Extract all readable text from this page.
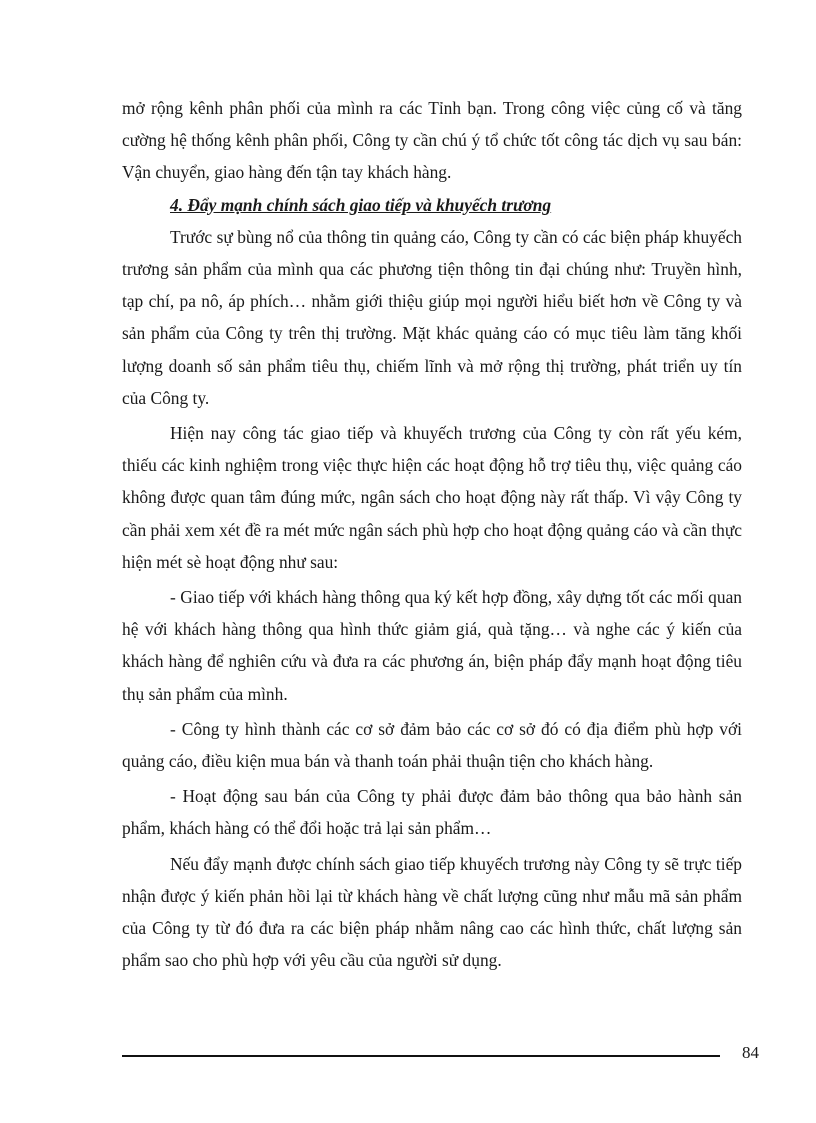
mở rộng kênh phân phối của mình ra các Tỉnh bạn. Trong công việc củng cố và tăng cường hệ thống kênh phân phối, Công ty cần chú ý tổ chức tốt công tác dịch vụ sau bán: Vận chuyển, giao hàng đến tận tay khách hàng.

4. Đẩy mạnh chính sách giao tiếp và khuyếch trương

Trước sự bùng nổ của thông tin quảng cáo, Công ty cần có các biện pháp khuyếch trương sản phẩm của mình qua các phương tiện thông tin đại chúng như: Truyền hình, tạp chí, pa nô, áp phích… nhằm giới thiệu giúp mọi người hiểu biết hơn về Công ty và sản phẩm của Công ty trên thị trường. Mặt khác quảng cáo có mục tiêu làm tăng khối lượng doanh số sản phẩm tiêu thụ, chiếm lĩnh và mở rộng thị trường, phát triển uy tín của Công ty.

Hiện nay công tác giao tiếp và khuyếch trương của Công ty còn rất yếu kém, thiếu các kinh nghiệm trong việc thực hiện các hoạt động hỗ trợ tiêu thụ, việc quảng cáo không được quan tâm đúng mức, ngân sách cho hoạt động này rất thấp. Vì vậy Công ty cần phải xem xét đề ra mét mức ngân sách phù hợp cho hoạt động quảng cáo và cần thực hiện mét sè hoạt động như sau:

- Giao tiếp với khách hàng thông qua ký kết hợp đồng, xây dựng tốt các mối quan hệ với khách hàng thông qua hình thức giảm giá, quà tặng… và nghe các ý kiến của khách hàng để nghiên cứu và đưa ra các phương án, biện pháp đẩy mạnh hoạt động tiêu thụ sản phẩm của mình.

- Công ty hình thành các cơ sở đảm bảo các cơ sở đó có địa điểm phù hợp với quảng cáo, điều kiện mua bán và thanh toán phải thuận tiện cho khách hàng.

- Hoạt động sau bán của Công ty phải được đảm bảo thông qua bảo hành sản phẩm, khách hàng có thể đổi hoặc trả lại sản phẩm…

Nếu đẩy mạnh được chính sách giao tiếp khuyếch trương này Công ty sẽ trực tiếp nhận được ý kiến phản hồi lại từ khách hàng về chất lượng cũng như mẫu mã sản phẩm của Công ty từ đó đưa ra các biện pháp nhằm nâng cao các hình thức, chất lượng sản phẩm sao cho phù hợp với yêu cầu của người sử dụng.

84
